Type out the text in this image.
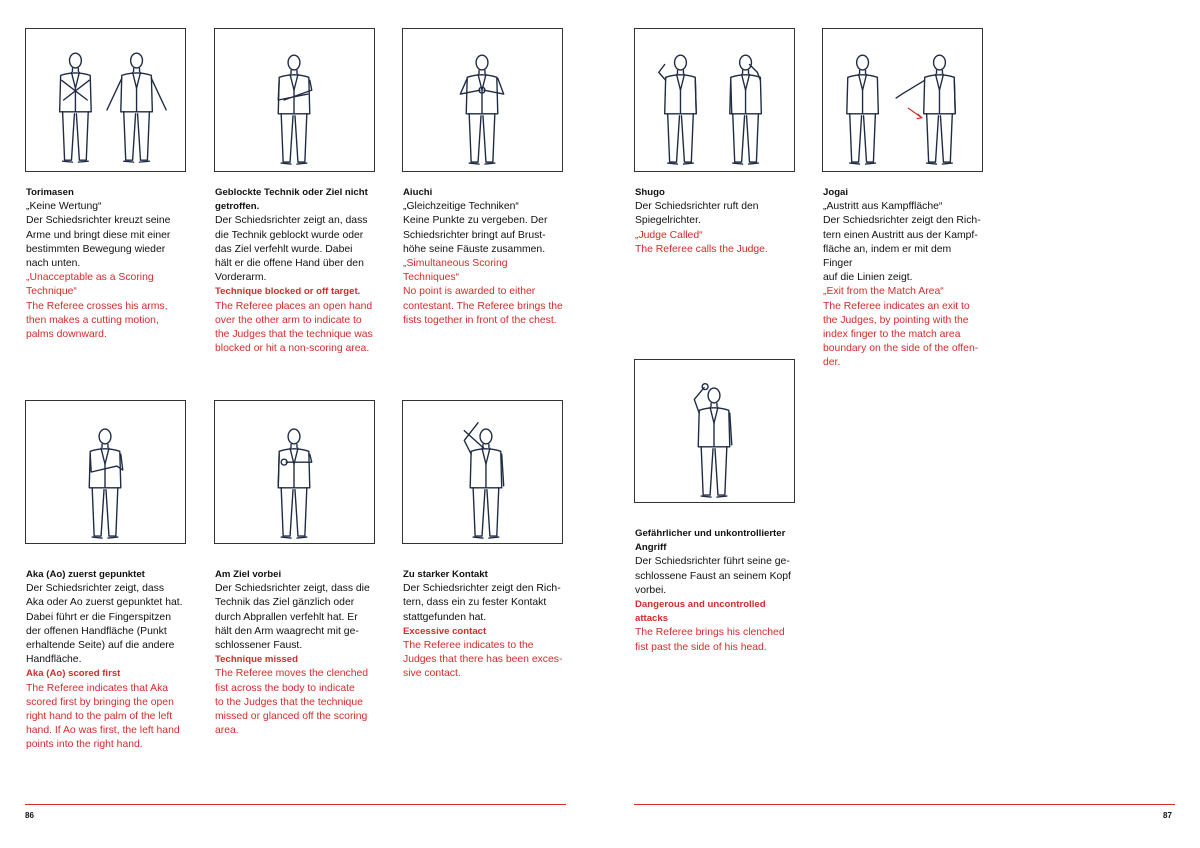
Torimasen
„Keine Wertung“
Der Schiedsrichter kreuzt seine
Arme und bringt diese mit einer
bestimmten Bewegung wieder
nach unten.
„Unacceptable as a Scoring
Technique“
The Referee crosses his arms,
then makes a cutting motion,
palms downward.
Geblockte Technik oder Ziel nicht
getroffen.
Der Schiedsrichter zeigt an, dass
die Technik geblockt wurde oder
das Ziel verfehlt wurde. Dabei
hält er die offene Hand über den
Vorderarm.
Technique blocked or off target.
The Referee places an open hand
over the other arm to indicate to
the Judges that the technique was
blocked or hit a non-scoring area.
Aiuchi
„Gleichzeitige Techniken“
Keine Punkte zu vergeben. Der
Schiedsrichter bringt auf Brust-
höhe seine Fäuste zusammen.
„Simultaneous Scoring
Techniques“
No point is awarded to either
contestant. The Referee brings the
fists together in front of the chest.
Aka (Ao) zuerst gepunktet
Der Schiedsrichter zeigt, dass
Aka oder Ao zuerst gepunktet hat.
Dabei führt er die Fingerspitzen
der offenen Handfläche (Punkt
erhaltende Seite) auf die andere
Handfläche.
Aka (Ao) scored first
The Referee indicates that Aka
scored first by bringing the open
right hand to the palm of the left
hand. If Ao was first, the left hand
points into the right hand.
Am Ziel vorbei
Der Schiedsrichter zeigt, dass die
Technik das Ziel gänzlich oder
durch Abprallen verfehlt hat. Er
hält den Arm waagrecht mit ge-
schlossener Faust.
Technique missed
The Referee moves the clenched
fist across the body to indicate
to the Judges that the technique
missed or glanced off the scoring
area.
Zu starker Kontakt
Der Schiedsrichter zeigt den Rich-
tern, dass ein zu fester Kontakt
stattgefunden hat.
Excessive contact
The Referee indicates to the
Judges that there has been exces-
sive contact.
Shugo
Der Schiedsrichter ruft den
Spiegelrichter.
„Judge Called“
The Referee calls the Judge.
Jogai
„Austritt aus Kampffläche“
Der Schiedsrichter zeigt den Rich-
tern einen Austritt aus der Kampf-
fläche an, indem er mit dem Finger
auf die Linien zeigt.
„Exit from the Match Area“
The Referee indicates an exit to
the Judges, by pointing with the
index finger to the match area
boundary on the side of the offen-
der.
Gefährlicher und unkontrollierter
Angriff
Der Schiedsrichter führt seine ge-
schlossene Faust an seinem Kopf
vorbei.
Dangerous and uncontrolled attacks
The Referee brings his clenched
fist past the side of his head.
86	87
